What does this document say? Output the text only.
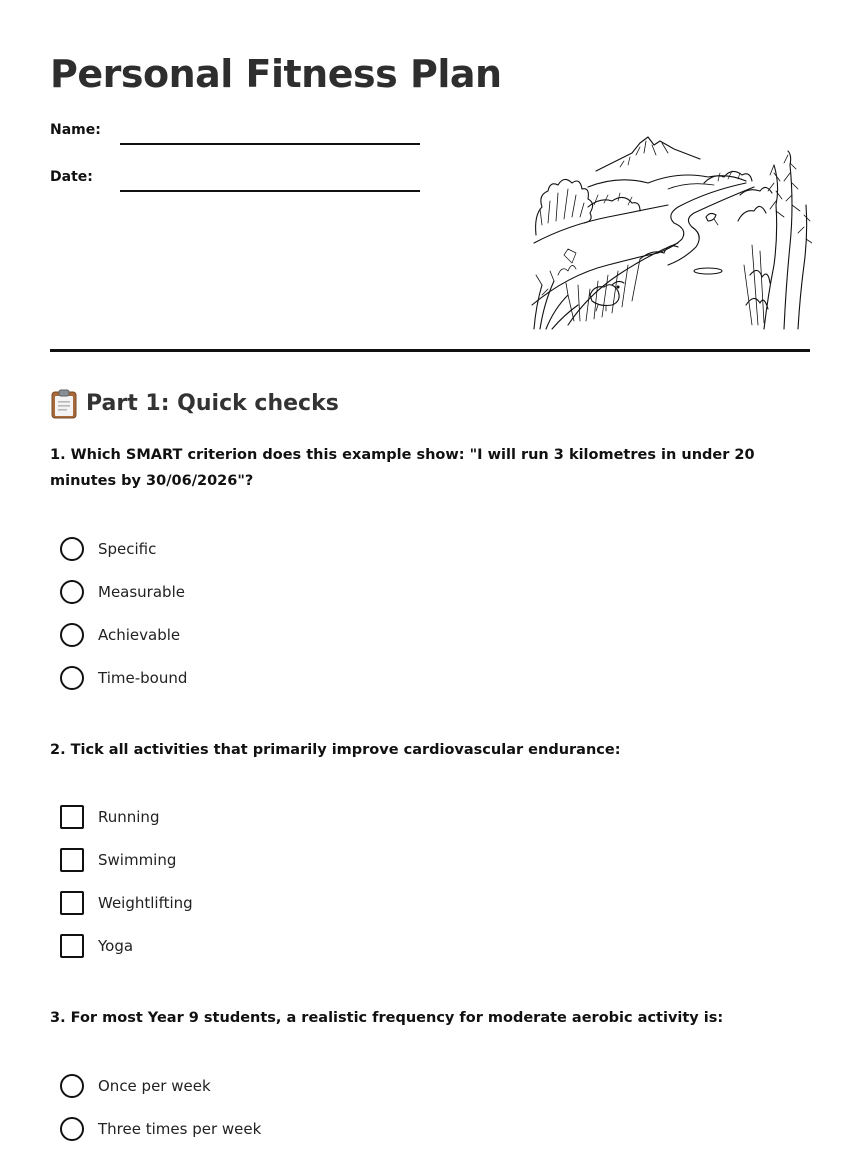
Personal Fitness Plan
Name:
Date:
Part 1: Quick checks

1. Which SMART criterion does this example show: "I will run 3 kilometres in under 20 minutes by 30/06/2026"?

Specific
Measurable
Achievable
Time-bound

2. Tick all activities that primarily improve cardiovascular endurance:

Running
Swimming
Weightlifting
Yoga

3. For most Year 9 students, a realistic frequency for moderate aerobic activity is:

Once per week
Three times per week
